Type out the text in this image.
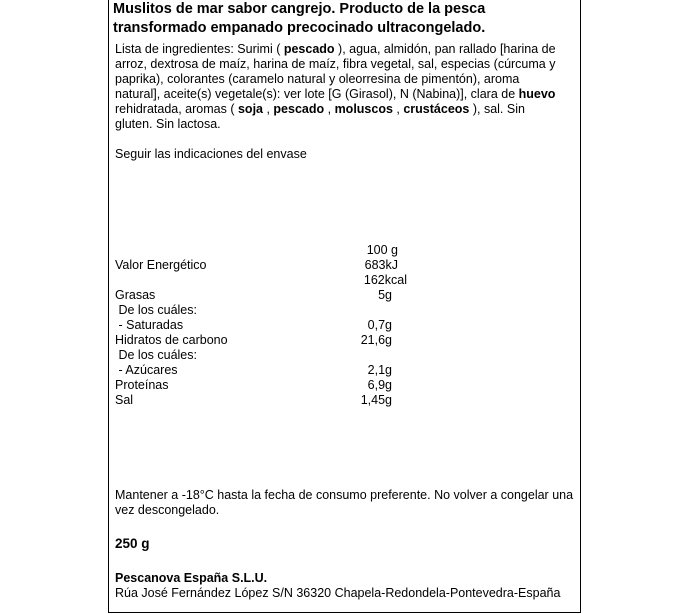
Muslitos de mar sabor cangrejo. Producto de la pesca
transformado empanado precocinado ultracongelado.
Lista de ingredientes: Surimi ( pescado ), agua, almidón, pan rallado [harina de
arroz, dextrosa de maíz, harina de maíz, fibra vegetal, sal, especias (cúrcuma y
paprika), colorantes (caramelo natural y oleorresina de pimentón), aroma
natural], aceite(s) vegetale(s): ver lote [G (Girasol), N (Nabina)], clara de huevo
rehidratada, aromas ( soja , pescado , moluscos , crustáceos ), sal. Sin
gluten. Sin lactosa.
Seguir las indicaciones del envase
100 g
Valor Energético	683kJ
162kcal
Grasas	5g
De los cuáles:
- Saturadas	0,7g
Hidratos de carbono	21,6g
De los cuáles:
- Azúcares	2,1g
Proteínas	6,9g
Sal	1,45g
Mantener a -18°C hasta la fecha de consumo preferente. No volver a congelar una
vez descongelado.
250 g
Pescanova España S.L.U.
Rúa José Fernández López S/N 36320 Chapela-Redondela-Pontevedra-España
